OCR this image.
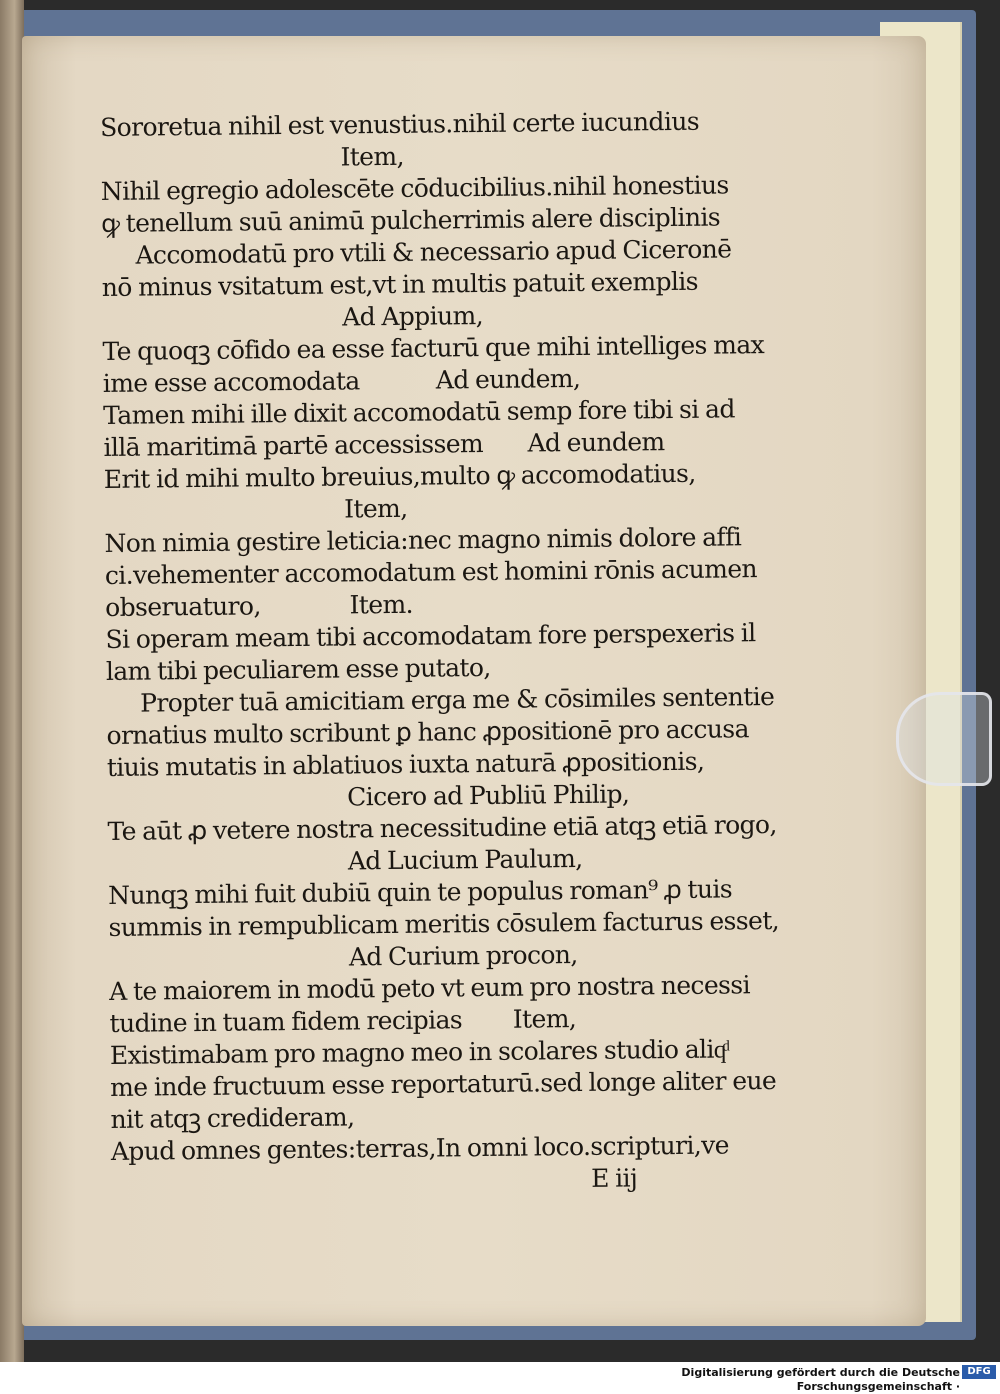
Sororetua nihil est venustius.nihil certe iucundius
Item,
Nihil egregio adolescēte cōducibilius.nihil honestius
ꝙ tenellum suū animū pulcherrimis alere disciplinis
Accomodatū pro vtili & necessario apud Ciceronē
nō minus vsitatum est,vt in multis patuit exemplis
Ad Appium,
Te quoqꝫ cōfido ea esse facturū que mihi intelliges max
ime esse accomodata            Ad eundem,
Tamen mihi ille dixit accomodatū semp fore tibi si ad
illā maritimā partē accessissem       Ad eundem
Erit id mihi multo breuius,multo ꝙ accomodatius,
Item,
Non nimia gestire leticia:nec magno nimis dolore affi
ci.vehementer accomodatum est homini rōnis acumen
obseruaturo,              Item.
Si operam meam tibi accomodatam fore perspexeris il
lam tibi peculiarem esse putato,
Propter tuā amicitiam erga me & cōsimiles sententie
ornatius multo scribunt ꝑ hanc ꝓpositionē pro accusa
tiuis mutatis in ablatiuos iuxta naturā ꝓpositionis,
Cicero ad Publiū Philip,
Te aūt ꝓ vetere nostra necessitudine etiā atqꝫ etiā rogo,
Ad Lucium Paulum,
Nunqꝫ mihi fuit dubiū quin te populus roman⁹ ꝓ tuis
summis in rempublicam meritis cōsulem facturus esset,
Ad Curium procon,
A te maiorem in modū peto vt eum pro nostra necessi
tudine in tuam fidem recipias        Item,
Existimabam pro magno meo in scolares studio aliqͩ
me inde fructuum esse reportaturū.sed longe aliter eue
nit atqꝫ credideram,
Apud omnes gentes:terras,In omni loco.scripturi,ve
E iij
Digitalisierung gefördert durch die Deutsche Forschungsgemeinschaft ·
DFG
